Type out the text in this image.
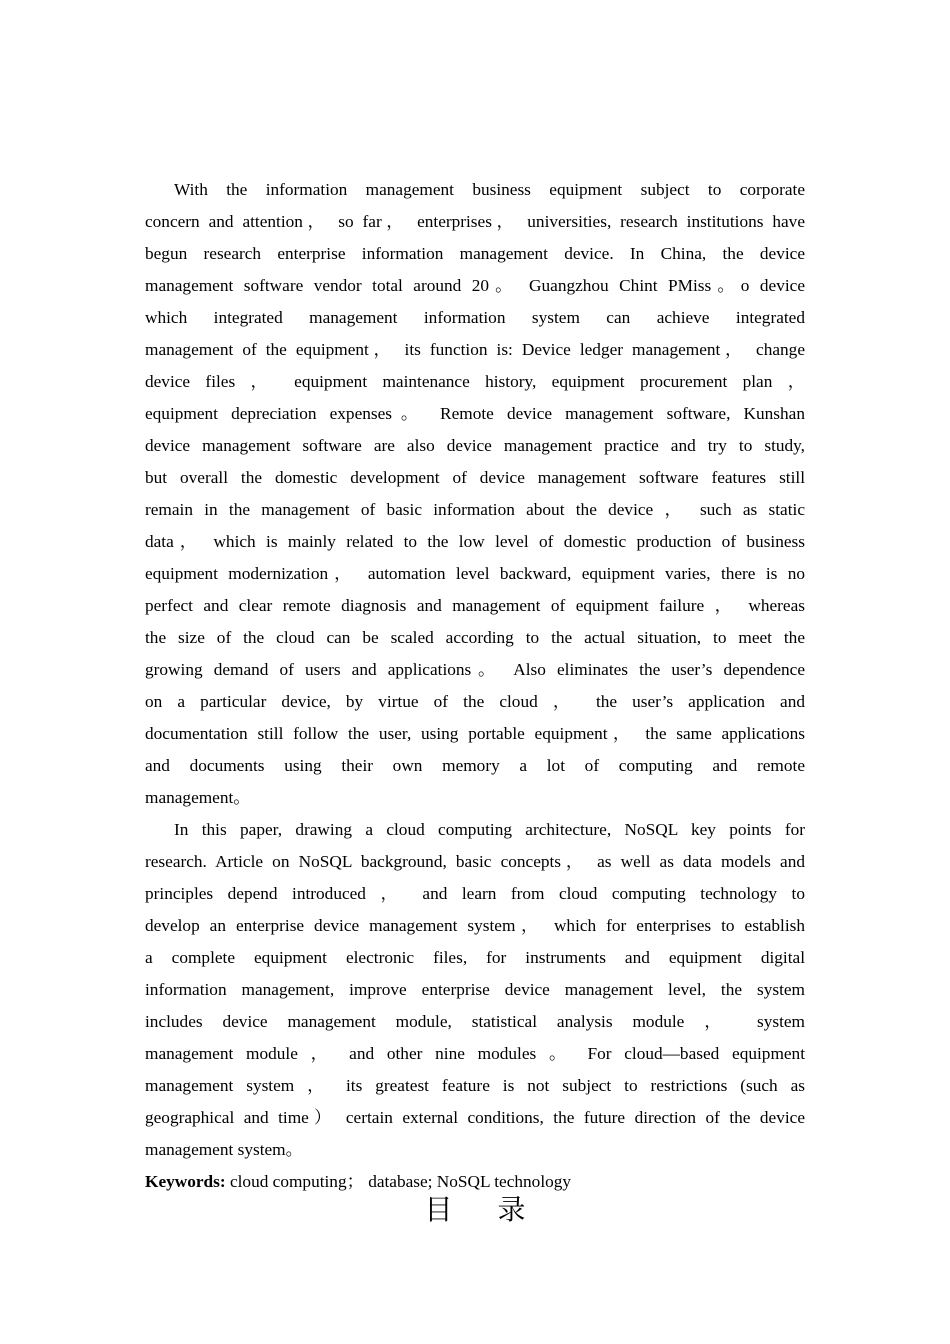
With the information management business equipment subject to corporate
concern and attention， so far， enterprises， universities, research institutions have
begun research enterprise information management device. In China, the device
management software vendor total around 20。 Guangzhou Chint PMiss。o device
which integrated management information system can achieve integrated
management of the equipment， its function is: Device ledger management， change
device files ， equipment maintenance history, equipment procurement plan ，
equipment depreciation expenses。 Remote device management software, Kunshan
device management software are also device management practice and try to study,
but overall the domestic development of device management software features still
remain in the management of basic information about the device ， such as static
data， which is mainly related to the low level of domestic production of business
equipment modernization， automation level backward, equipment varies, there is no
perfect and clear remote diagnosis and management of equipment failure ， whereas
the size of the cloud can be scaled according to the actual situation, to meet the
growing demand of users and applications。 Also eliminates the user’s dependence
on a particular device, by virtue of the cloud ， the user’s application and
documentation still follow the user, using portable equipment， the same applications
and documents using their own memory a lot of computing and remote
management。
In this paper, drawing a cloud computing architecture, NoSQL key points for
research. Article on NoSQL background, basic concepts， as well as data models and
principles depend introduced ， and learn from cloud computing technology to
develop an enterprise device management system， which for enterprises to establish
a complete equipment electronic files, for instruments and equipment digital
information management, improve enterprise device management level, the system
includes device management module, statistical analysis module ， system
management module ， and other nine modules 。 For cloud—based equipment
management system ， its greatest feature is not subject to restrictions (such as
geographical and time） certain external conditions, the future direction of the device
management system。
Keywords: cloud computing； database; NoSQL technology
目 录
